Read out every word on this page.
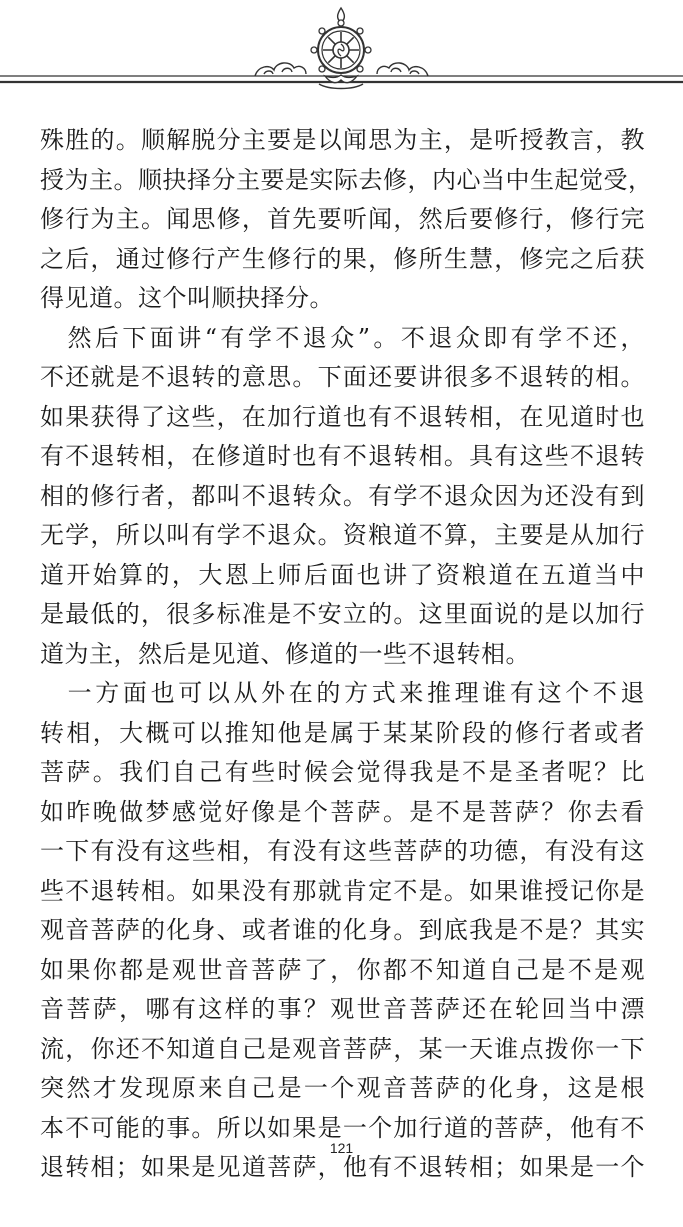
殊胜的。顺解脱分主要是以闻思为主，是听授教言，教
授为主。顺抉择分主要是实际去修，内心当中生起觉受，
修行为主。闻思修，首先要听闻，然后要修行，修行完
之后，通过修行产生修行的果，修所生慧，修完之后获
得见道。这个叫顺抉择分。
　然后下面讲“有学不退众”。不退众即有学不还，
不还就是不退转的意思。下面还要讲很多不退转的相。
如果获得了这些，在加行道也有不退转相，在见道时也
有不退转相，在修道时也有不退转相。具有这些不退转
相的修行者，都叫不退转众。有学不退众因为还没有到
无学，所以叫有学不退众。资粮道不算，主要是从加行
道开始算的，大恩上师后面也讲了资粮道在五道当中
是最低的，很多标准是不安立的。这里面说的是以加行
道为主，然后是见道、修道的一些不退转相。
　一方面也可以从外在的方式来推理谁有这个不退
转相，大概可以推知他是属于某某阶段的修行者或者
菩萨。我们自己有些时候会觉得我是不是圣者呢？比
如昨晚做梦感觉好像是个菩萨。是不是菩萨？你去看
一下有没有这些相，有没有这些菩萨的功德，有没有这
些不退转相。如果没有那就肯定不是。如果谁授记你是
观音菩萨的化身、或者谁的化身。到底我是不是？其实
如果你都是观世音菩萨了，你都不知道自己是不是观
音菩萨，哪有这样的事？观世音菩萨还在轮回当中漂
流，你还不知道自己是观音菩萨，某一天谁点拨你一下
突然才发现原来自己是一个观音菩萨的化身，这是根
本不可能的事。所以如果是一个加行道的菩萨，他有不
退转相；如果是见道菩萨，他有不退转相；如果是一个
121
